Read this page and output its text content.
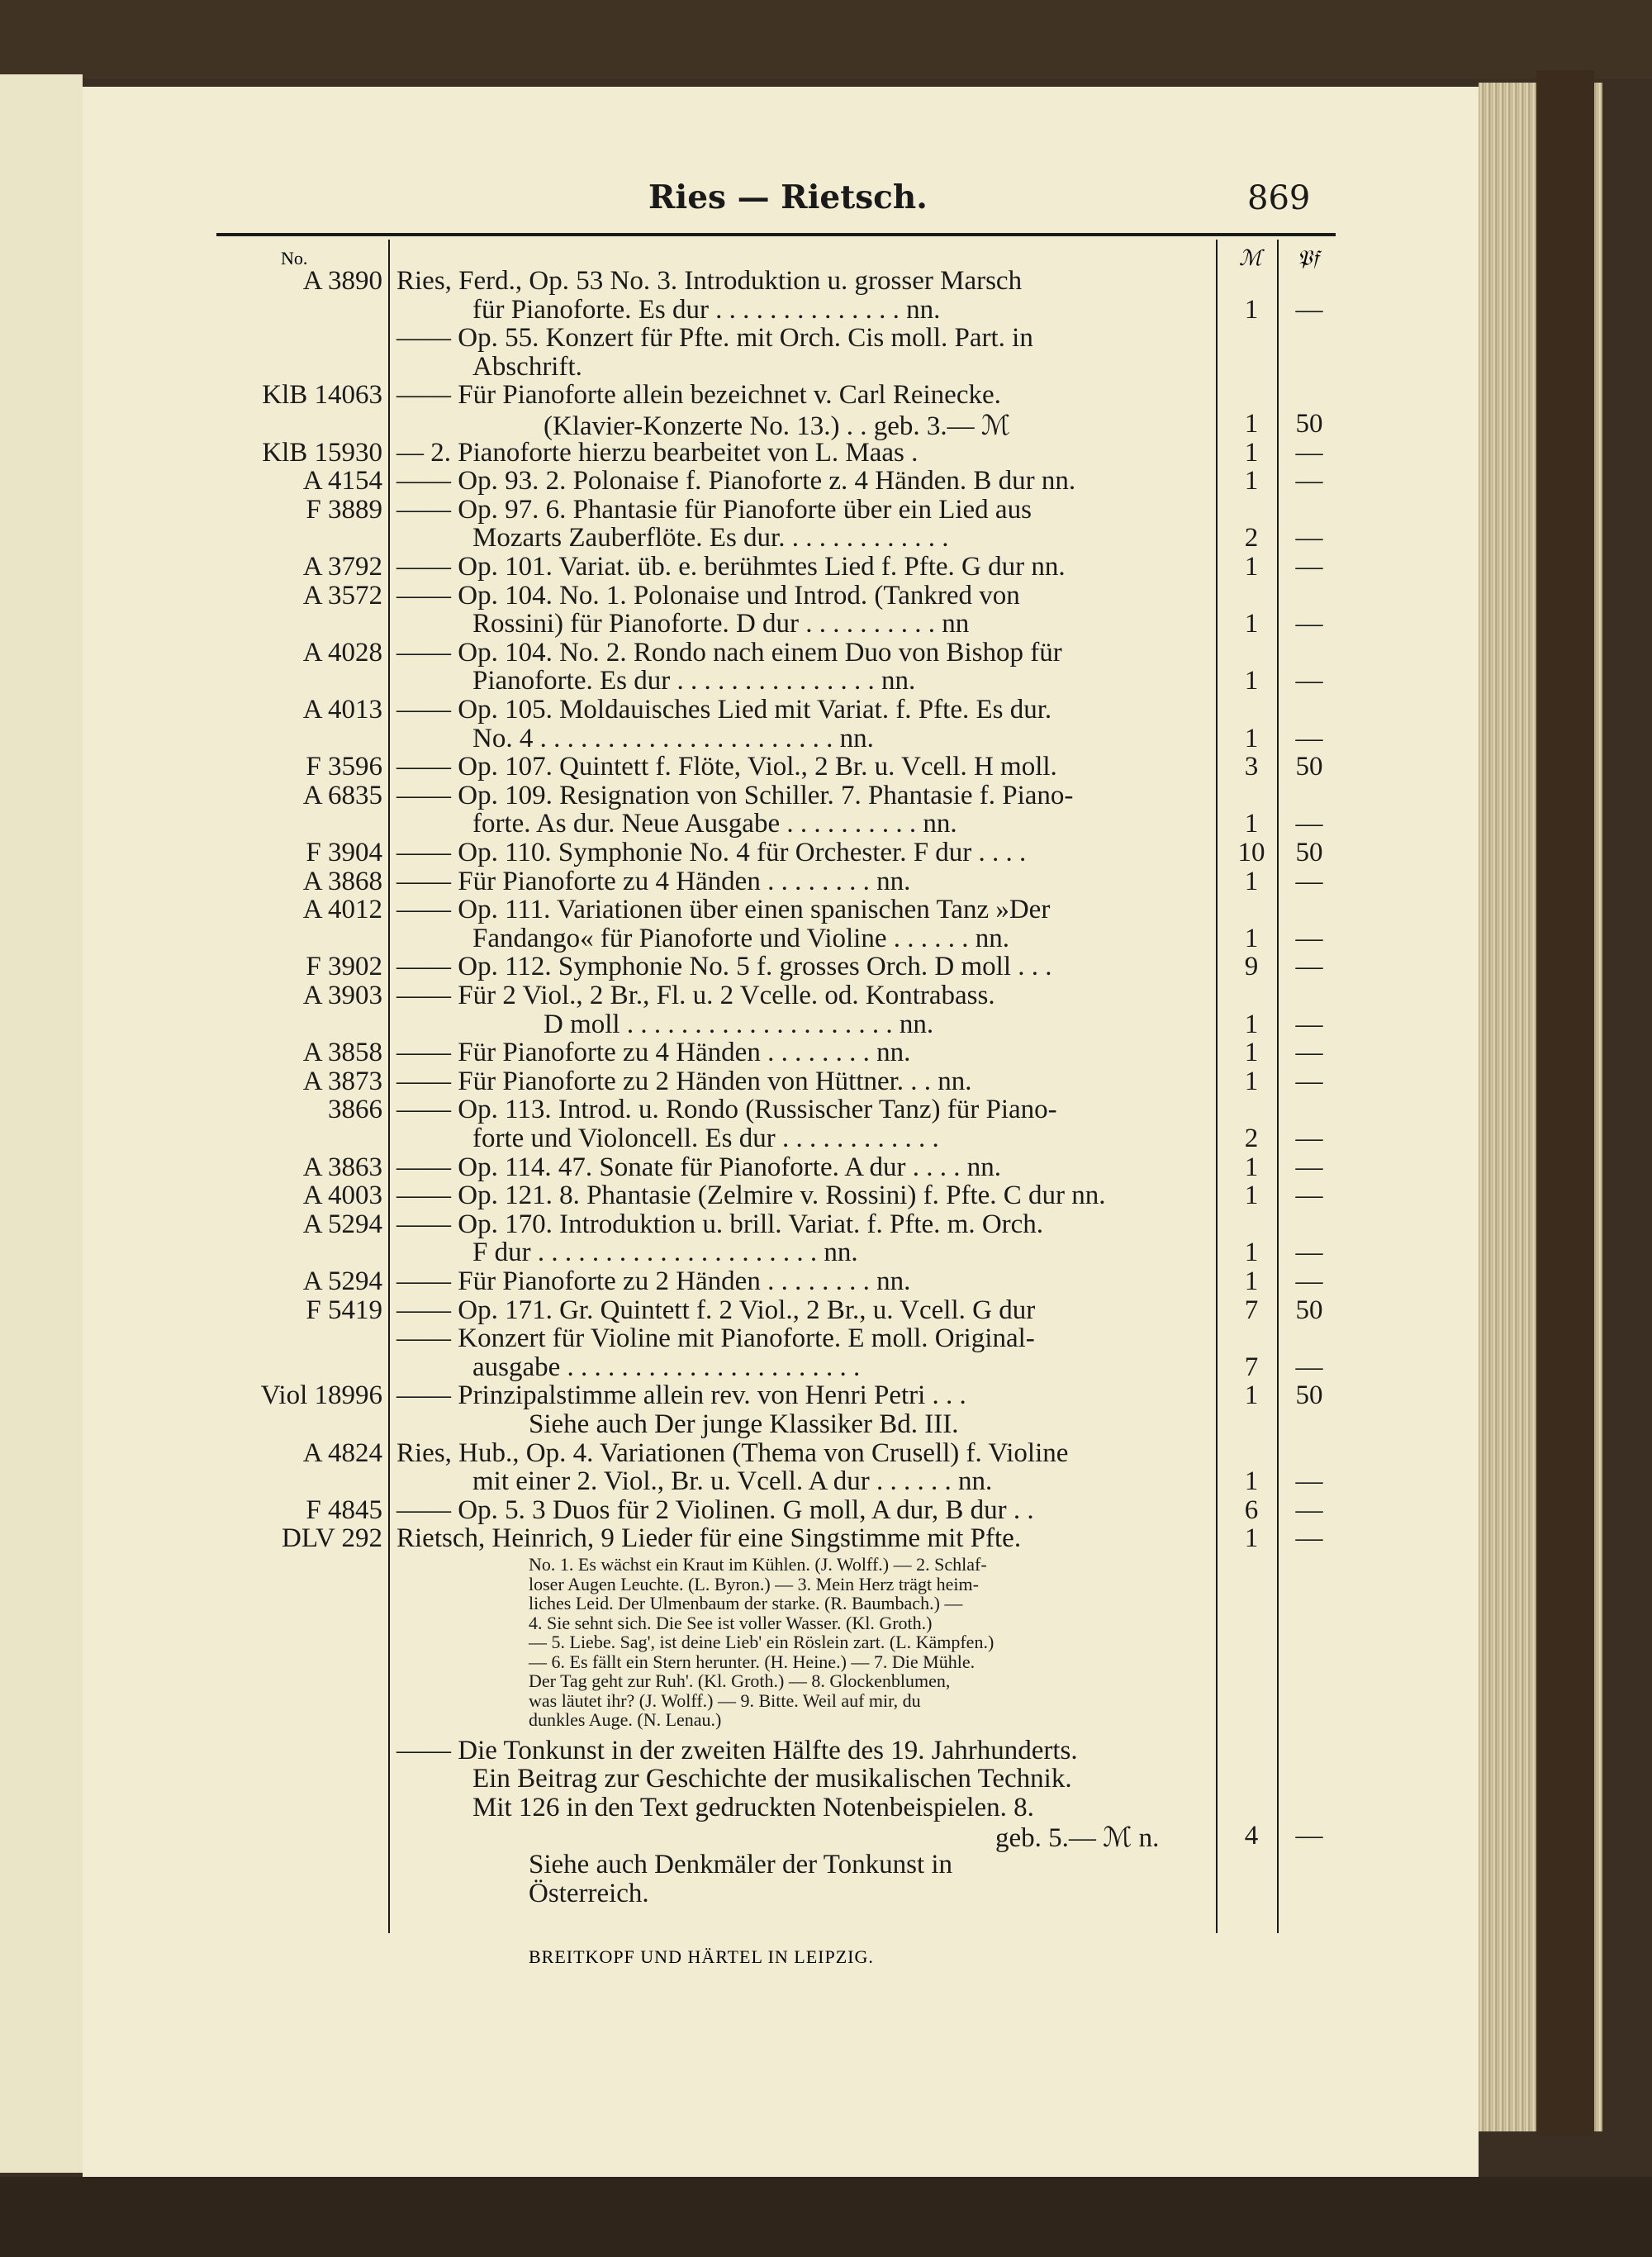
Ries — Rietsch.	869
No.	ℳ 𝔓𝔣
A 3890 Ries, Ferd., Op. 53 No. 3. Introduktion u. grosser Marsch
für Pianoforte. Es dur . . . . . . . . . . . . . . nn.	1	—
—— Op. 55. Konzert für Pfte. mit Orch. Cis moll. Part. in
Abschrift.
KlB 14063 —— Für Pianoforte allein bezeichnet v. Carl Reinecke.
(Klavier-Konzerte No. 13.) . . geb. 3.— ℳ	1	50
KlB 15930 — 2. Pianoforte hierzu bearbeitet von L. Maas .	1	—
A 4154 —— Op. 93. 2. Polonaise f. Pianoforte z. 4 Händen. B dur nn.	1	—
F 3889 —— Op. 97. 6. Phantasie für Pianoforte über ein Lied aus
Mozarts Zauberflöte. Es dur. . . . . . . . . . . . .	2	—
A 3792 —— Op. 101. Variat. üb. e. berühmtes Lied f. Pfte. G dur nn.	1	—
A 3572 —— Op. 104. No. 1. Polonaise und Introd. (Tankred von
Rossini) für Pianoforte. D dur . . . . . . . . . . nn	1	—
A 4028 —— Op. 104. No. 2. Rondo nach einem Duo von Bishop für
Pianoforte. Es dur . . . . . . . . . . . . . . . nn.	1	—
A 4013 —— Op. 105. Moldauisches Lied mit Variat. f. Pfte. Es dur.
No. 4 . . . . . . . . . . . . . . . . . . . . . . nn.	1	—
F 3596 —— Op. 107. Quintett f. Flöte, Viol., 2 Br. u. Vcell. H moll.	3	50
A 6835 —— Op. 109. Resignation von Schiller. 7. Phantasie f. Piano-
forte. As dur. Neue Ausgabe . . . . . . . . . . nn.	1	—
F 3904 —— Op. 110. Symphonie No. 4 für Orchester. F dur . . . .	10	50
A 3868 —— Für Pianoforte zu 4 Händen . . . . . . . . nn.	1	—
A 4012 —— Op. 111. Variationen über einen spanischen Tanz »Der
Fandango« für Pianoforte und Violine . . . . . . nn.	1	—
F 3902 —— Op. 112. Symphonie No. 5 f. grosses Orch. D moll . . .	9	—
A 3903 —— Für 2 Viol., 2 Br., Fl. u. 2 Vcelle. od. Kontrabass.
D moll . . . . . . . . . . . . . . . . . . . . nn.	1	—
A 3858 —— Für Pianoforte zu 4 Händen . . . . . . . . nn.	1	—
A 3873 —— Für Pianoforte zu 2 Händen von Hüttner. . . nn.	1	—
3866 —— Op. 113. Introd. u. Rondo (Russischer Tanz) für Piano-
forte und Violoncell. Es dur . . . . . . . . . . . .	2	—
A 3863 —— Op. 114. 47. Sonate für Pianoforte. A dur . . . . nn.	1	—
A 4003 —— Op. 121. 8. Phantasie (Zelmire v. Rossini) f. Pfte. C dur nn.	1	—
A 5294 —— Op. 170. Introduktion u. brill. Variat. f. Pfte. m. Orch.
F dur . . . . . . . . . . . . . . . . . . . . . nn.	1	—
A 5294 —— Für Pianoforte zu 2 Händen . . . . . . . . nn.	1	—
F 5419 —— Op. 171. Gr. Quintett f. 2 Viol., 2 Br., u. Vcell. G dur	7	50
—— Konzert für Violine mit Pianoforte. E moll. Original-
ausgabe . . . . . . . . . . . . . . . . . . . . . .	7	—
Viol 18996 —— Prinzipalstimme allein rev. von Henri Petri . . .	1	50
Siehe auch Der junge Klassiker Bd. III.
A 4824 Ries, Hub., Op. 4. Variationen (Thema von Crusell) f. Violine
mit einer 2. Viol., Br. u. Vcell. A dur . . . . . . nn.	1	—
F 4845 —— Op. 5. 3 Duos für 2 Violinen. G moll, A dur, B dur . .	6	—
DLV 292 Rietsch, Heinrich, 9 Lieder für eine Singstimme mit Pfte.	1	—
No. 1. Es wächst ein Kraut im Kühlen. (J. Wolff.) — 2. Schlaf-
loser Augen Leuchte. (L. Byron.) — 3. Mein Herz trägt heim-
liches Leid. Der Ulmenbaum der starke. (R. Baumbach.) —
4. Sie sehnt sich. Die See ist voller Wasser. (Kl. Groth.)
— 5. Liebe. Sag', ist deine Lieb' ein Röslein zart. (L. Kämpfen.)
— 6. Es fällt ein Stern herunter. (H. Heine.) — 7. Die Mühle.
Der Tag geht zur Ruh'. (Kl. Groth.) — 8. Glockenblumen,
was läutet ihr? (J. Wolff.) — 9. Bitte. Weil auf mir, du
dunkles Auge. (N. Lenau.)
—— Die Tonkunst in der zweiten Hälfte des 19. Jahrhunderts.
Ein Beitrag zur Geschichte der musikalischen Technik.
Mit 126 in den Text gedruckten Notenbeispielen. 8.
geb. 5.— ℳ n.	4	—
Siehe auch Denkmäler der Tonkunst in
Österreich.
BREITKOPF UND HÄRTEL IN LEIPZIG.
